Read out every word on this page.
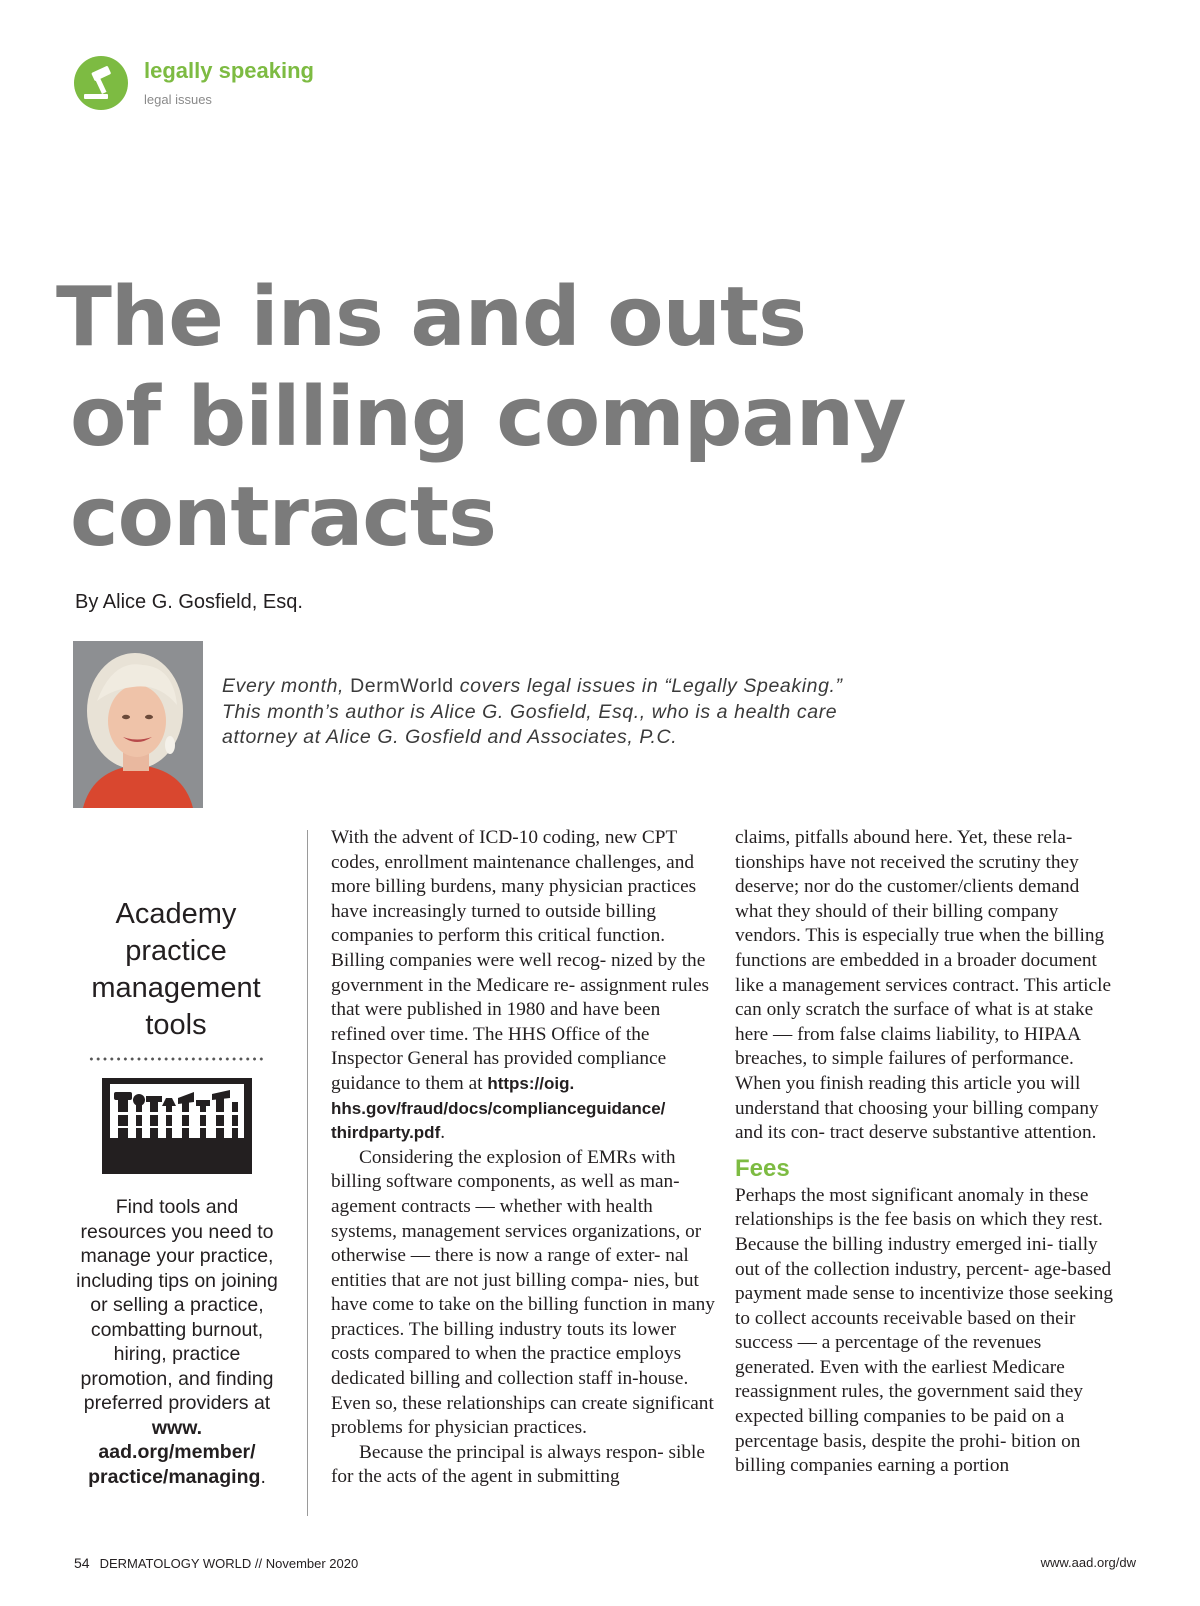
legally speaking
legal issues
The ins and outs
of billing company
contracts
By Alice G. Gosfield, Esq.
Every month, DermWorld covers legal issues in “Legally Speaking.”
This month’s author is Alice G. Gosfield, Esq., who is a health care
attorney at Alice G. Gosfield and Associates, P.C.
Academy
practice
management
tools
Find tools and resources you need to manage your practice, including tips on joining or selling a practice, combatting burnout, hiring, practice promotion, and finding preferred providers at www. aad.org/member/ practice/managing.

With the advent of ICD-10 coding, new CPT codes, enrollment maintenance challenges, and more billing burdens, many physician practices have increasingly turned to outside billing companies to perform this critical function. Billing companies were well recog- nized by the government in the Medicare re- assignment rules that were published in 1980 and have been refined over time. The HHS Office of the Inspector General has provided compliance guidance to them at https://oig. hhs.gov/fraud/docs/complianceguidance/ thirdparty.pdf.

Considering the explosion of EMRs with billing software components, as well as man- agement contracts — whether with health systems, management services organizations, or otherwise — there is now a range of exter- nal entities that are not just billing compa- nies, but have come to take on the billing function in many practices. The billing industry touts its lower costs compared to when the practice employs dedicated billing and collection staff in-house. Even so, these relationships can create significant problems for physician practices.

Because the principal is always respon- sible for the acts of the agent in submitting

claims, pitfalls abound here. Yet, these rela- tionships have not received the scrutiny they deserve; nor do the customer/clients demand what they should of their billing company vendors. This is especially true when the billing functions are embedded in a broader document like a management services contract. This article can only scratch the surface of what is at stake here — from false claims liability, to HIPAA breaches, to simple failures of performance. When you finish reading this article you will understand that choosing your billing company and its con- tract deserve substantive attention.

Fees

Perhaps the most significant anomaly in these relationships is the fee basis on which they rest. Because the billing industry emerged ini- tially out of the collection industry, percent- age-based payment made sense to incentivize those seeking to collect accounts receivable based on their success — a percentage of the revenues generated. Even with the earliest Medicare reassignment rules, the government said they expected billing companies to be paid on a percentage basis, despite the prohi- bition on billing companies earning a portion

54 DERMATOLOGY WORLD // November 2020	www.aad.org/dw
